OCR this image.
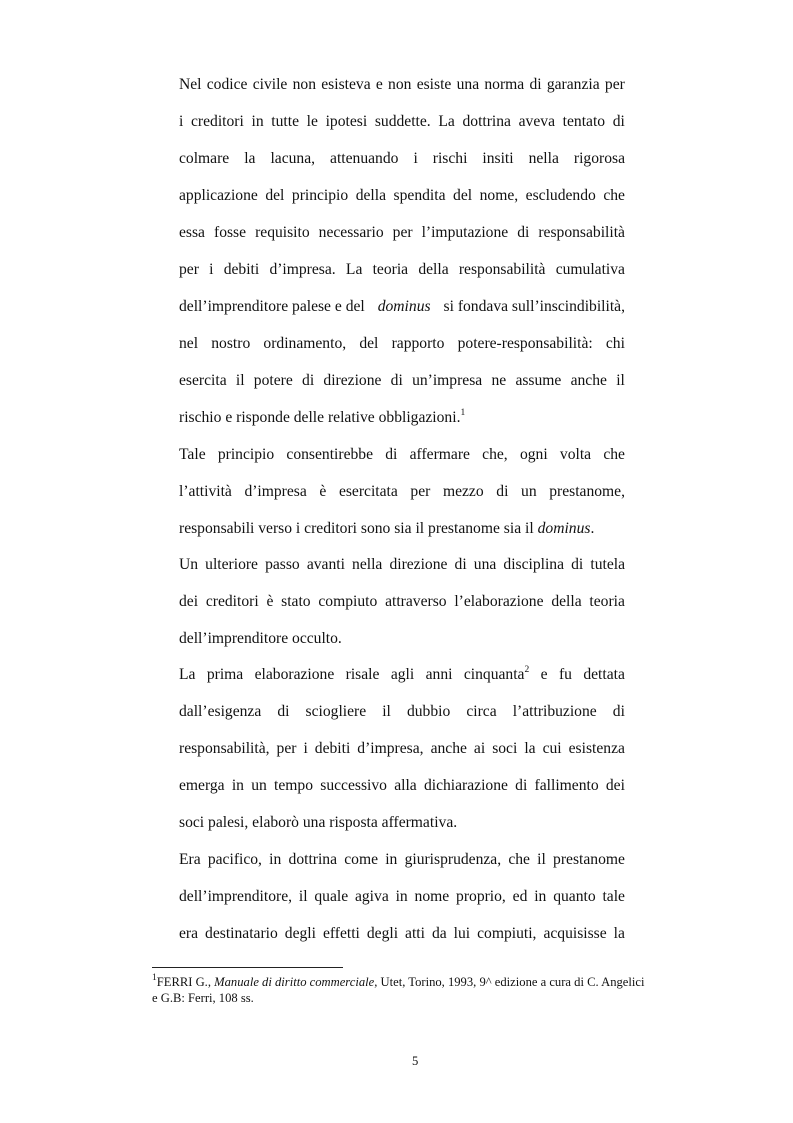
Nel codice civile non esisteva e non esiste una norma di garanzia per
i creditori in tutte le ipotesi suddette. La dottrina aveva tentato di
colmare la lacuna, attenuando i rischi insiti nella rigorosa
applicazione del principio della spendita del nome, escludendo che
essa fosse requisito necessario per l’imputazione di responsabilità
per i debiti d’impresa. La teoria della responsabilità cumulativa
dell’imprenditore palese e del dominus si fondava sull’inscindibilità,
nel nostro ordinamento, del rapporto potere-responsabilità: chi
esercita il potere di direzione di un’impresa ne assume anche il
rischio e risponde delle relative obbligazioni.$^1$
Tale principio consentirebbe di affermare che, ogni volta che
l’attività d’impresa è esercitata per mezzo di un prestanome,
responsabili verso i creditori sono sia il prestanome sia il dominus.
Un ulteriore passo avanti nella direzione di una disciplina di tutela
dei creditori è stato compiuto attraverso l’elaborazione della teoria
dell’imprenditore occulto.
La prima elaborazione risale agli anni cinquanta$^2$ e fu dettata
dall’esigenza di sciogliere il dubbio circa l’attribuzione di
responsabilità, per i debiti d’impresa, anche ai soci la cui esistenza
emerga in un tempo successivo alla dichiarazione di fallimento dei
soci palesi, elaborò una risposta affermativa.
Era pacifico, in dottrina come in giurisprudenza, che il prestanome
dell’imprenditore, il quale agiva in nome proprio, ed in quanto tale
era destinatario degli effetti degli atti da lui compiuti, acquisisse la
$^1$FERRI G., Manuale di diritto commerciale, Utet, Torino, 1993, 9^ edizione a cura di C. Angelici
e G.B: Ferri, 108 ss.
5
